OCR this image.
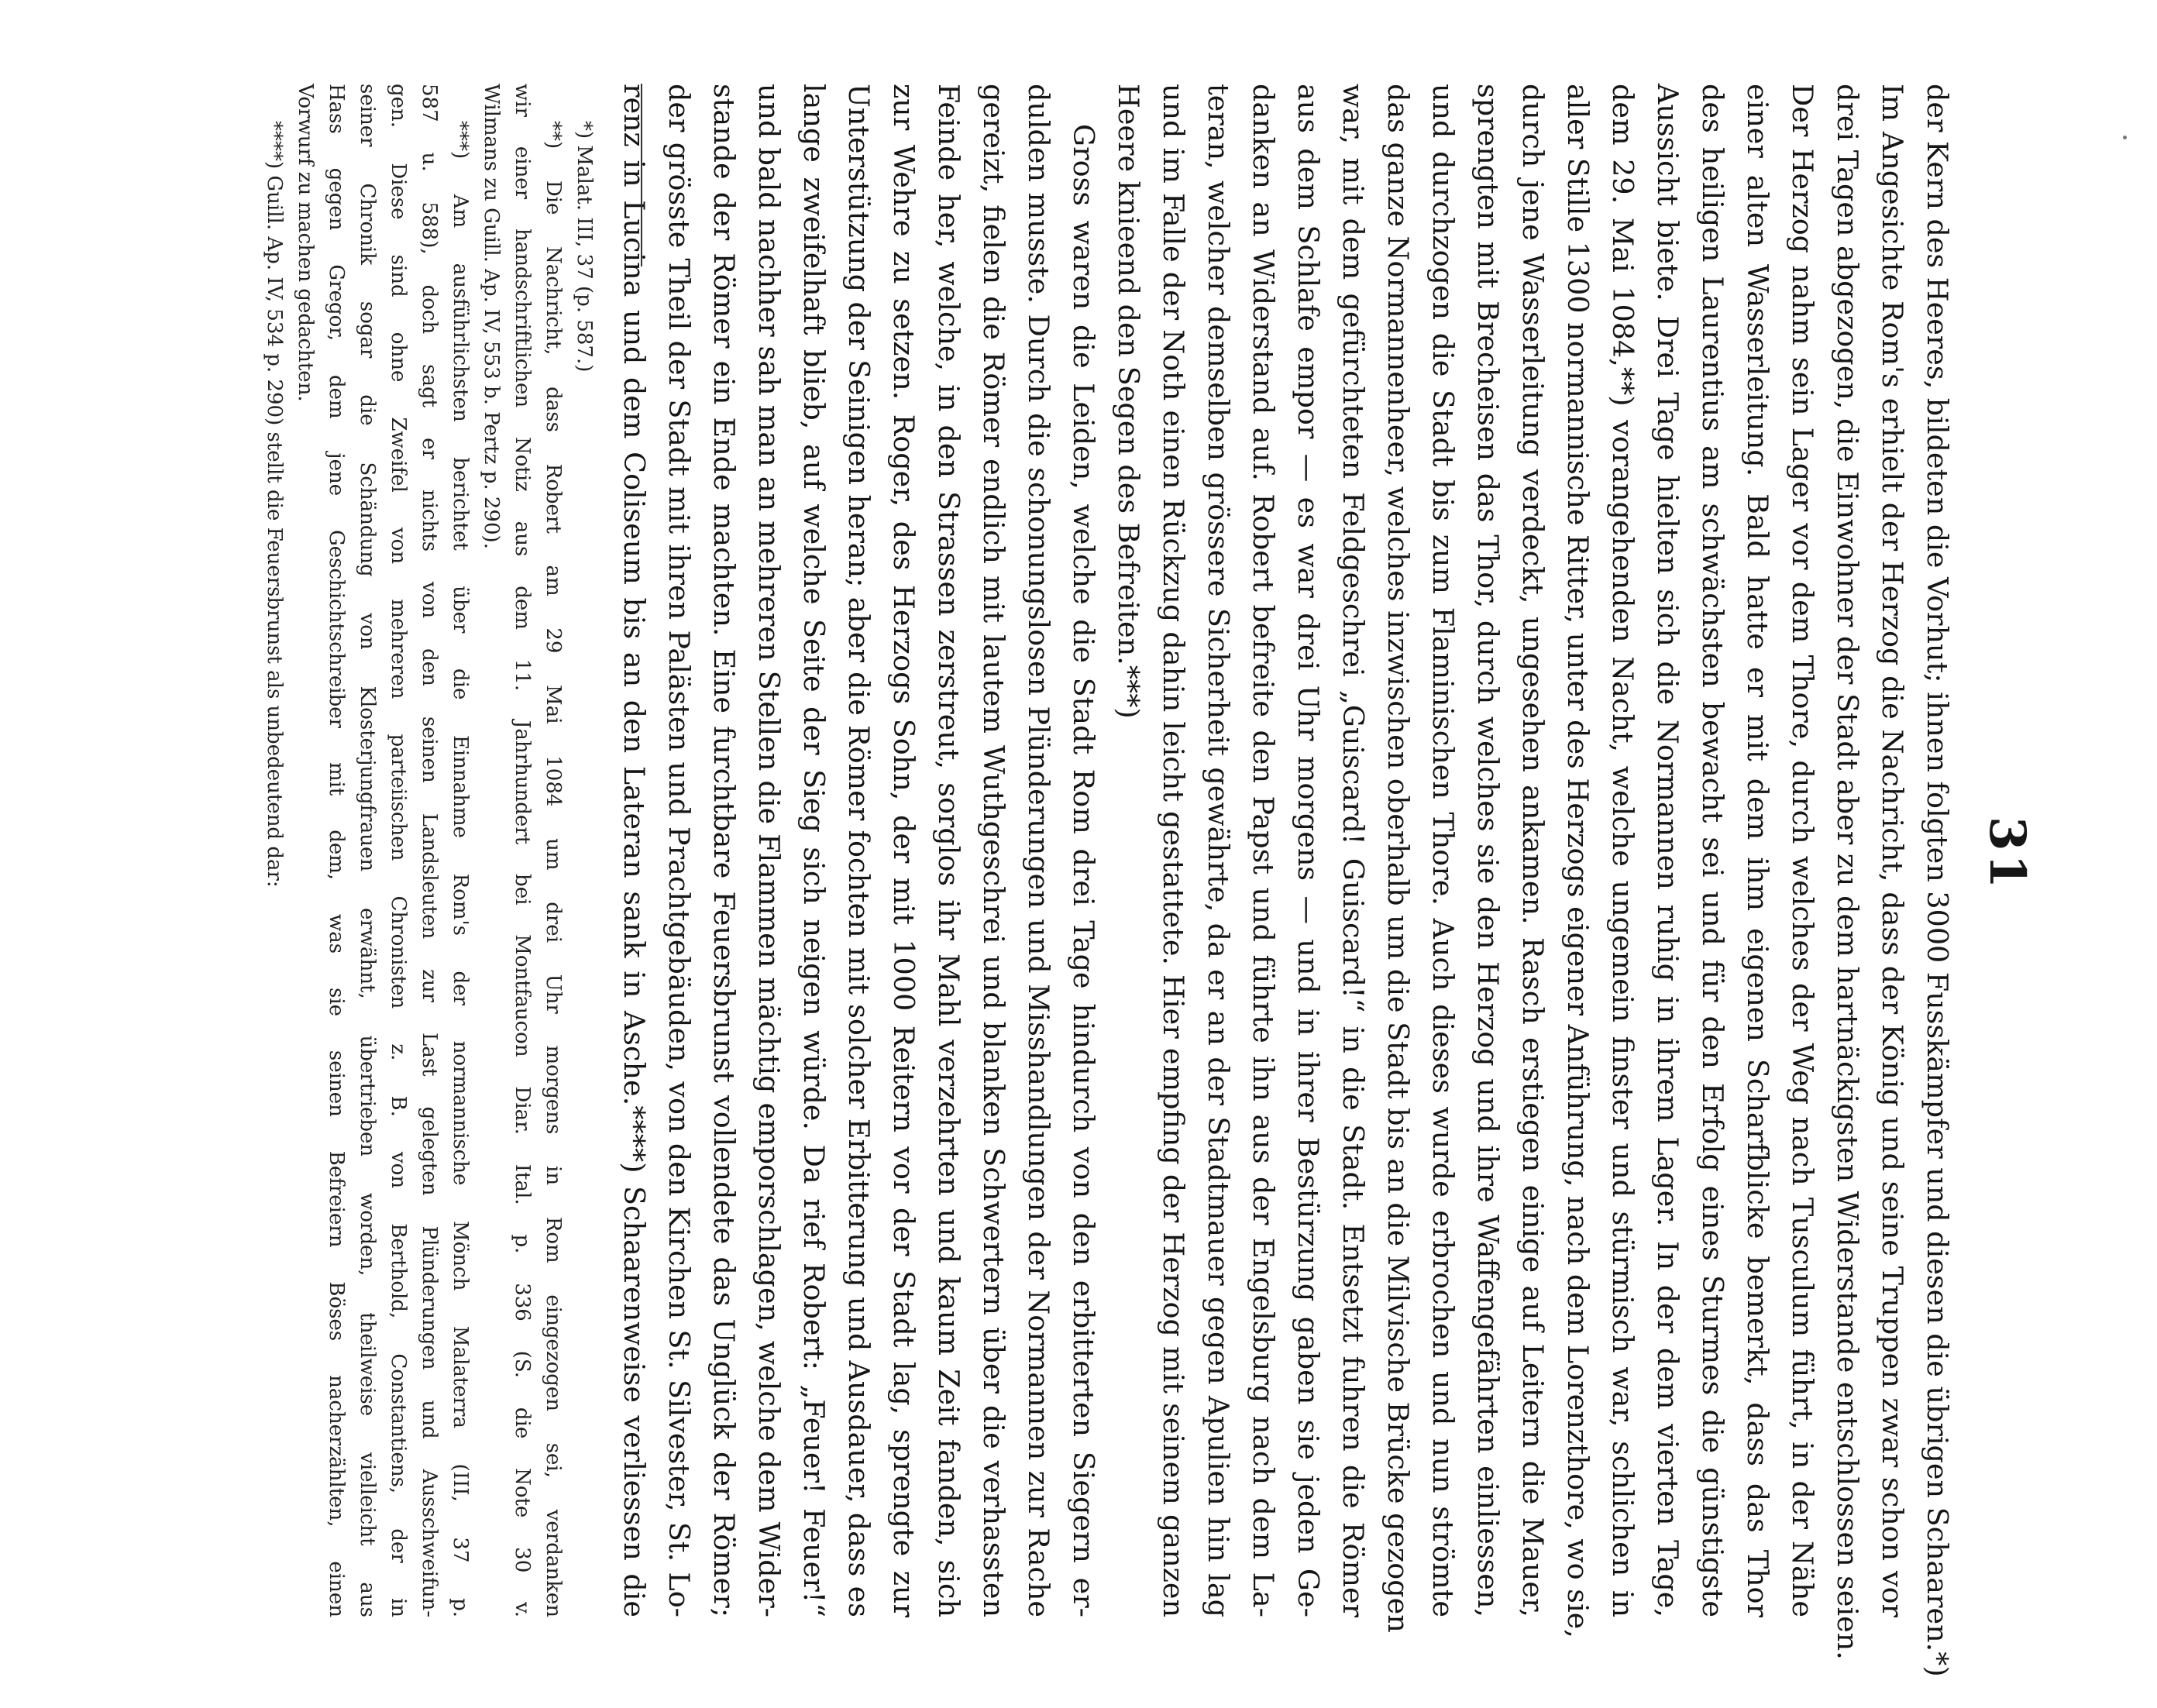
31
der Kern des Heeres, bildeten die Vorhut; ihnen folgten 3000 Fusskämpfer und diesen die übrigen Schaaren.*)
Im Angesichte Rom's erhielt der Herzog die Nachricht, dass der König und seine Truppen zwar schon vor
drei Tagen abgezogen, die Einwohner der Stadt aber zu dem hartnäckigsten Widerstande entschlossen seien.
Der Herzog nahm sein Lager vor dem Thore, durch welches der Weg nach Tusculum führt, in der Nähe
einer alten Wasserleitung. Bald hatte er mit dem ihm eigenen Scharfblicke bemerkt, dass das Thor
des heiligen Laurentius am schwächsten bewacht sei und für den Erfolg eines Sturmes die günstigste
Aussicht biete. Drei Tage hielten sich die Normannen ruhig in ihrem Lager. In der dem vierten Tage,
dem 29. Mai 1084,**) vorangehenden Nacht, welche ungemein finster und stürmisch war, schlichen in
aller Stille 1300 normannische Ritter, unter des Herzogs eigener Anführung, nach dem Lorenzthore, wo sie,
durch jene Wasserleitung verdeckt, ungesehen ankamen. Rasch erstiegen einige auf Leitern die Mauer,
sprengten mit Brecheisen das Thor, durch welches sie den Herzog und ihre Waffengefährten einliessen,
und durchzogen die Stadt bis zum Flaminischen Thore. Auch dieses wurde erbrochen und nun strömte
das ganze Normannenheer, welches inzwischen oberhalb um die Stadt bis an die Milvische Brücke gezogen
war, mit dem gefürchteten Feldgeschrei „Guiscard! Guiscard!“ in die Stadt. Entsetzt fuhren die Römer
aus dem Schlafe empor — es war drei Uhr morgens — und in ihrer Bestürzung gaben sie jeden Ge-
danken an Widerstand auf. Robert befreite den Papst und führte ihn aus der Engelsburg nach dem La-
teran, welcher demselben grössere Sicherheit gewährte, da er an der Stadtmauer gegen Apulien hin lag
und im Falle der Noth einen Rückzug dahin leicht gestattete. Hier empfing der Herzog mit seinem ganzen
Heere knieend den Segen des Befreiten.***)
Gross waren die Leiden, welche die Stadt Rom drei Tage hindurch von den erbitterten Siegern er-
dulden musste. Durch die schonungslosen Plünderungen und Misshandlungen der Normannen zur Rache
gereizt, fielen die Römer endlich mit lautem Wuthgeschrei und blanken Schwertern über die verhassten
Feinde her, welche, in den Strassen zerstreut, sorglos ihr Mahl verzehrten und kaum Zeit fanden, sich
zur Wehre zu setzen. Roger, des Herzogs Sohn, der mit 1000 Reitern vor der Stadt lag, sprengte zur
Unterstützung der Seinigen heran; aber die Römer fochten mit solcher Erbitterung und Ausdauer, dass es
lange zweifelhaft blieb, auf welche Seite der Sieg sich neigen würde. Da rief Robert: „Feuer! Feuer!“
und bald nachher sah man an mehreren Stellen die Flammen mächtig emporschlagen, welche dem Wider-
stande der Römer ein Ende machten. Eine furchtbare Feuersbrunst vollendete das Unglück der Römer;
der grösste Theil der Stadt mit ihren Palästen und Prachtgebäuden, von den Kirchen St. Silvester, St. Lo-
renz in Lucina und dem Coliseum bis an den Lateran sank in Asche.****) Schaarenweise verliessen die
*) Malat. III, 37 (p. 587.)
**) Die Nachricht, dass Robert am 29 Mai 1084 um drei Uhr morgens in Rom eingezogen sei, verdanken
wir einer handschriftlichen Notiz aus dem 11. Jahrhundert bei Montfaucon Diar. Ital. p. 336 (S. die Note 30 v.
Wilmans zu Guill. Ap. IV, 553 b. Pertz p. 290).
***) Am ausführlichsten berichtet über die Einnahme Rom's der normannische Mönch Malaterra (III, 37 p.
587 u. 588), doch sagt er nichts von den seinen Landsleuten zur Last gelegten Plünderungen und Ausschweifun-
gen. Diese sind ohne Zweifel von mehreren parteiischen Chronisten z. B. von Berthold, Constantiens, der in
seiner Chronik sogar die Schändung von Klosterjungfrauen erwähnt, übertrieben worden, theilweise vielleicht aus
Hass gegen Gregor, dem jene Geschichtschreiber mit dem, was sie seinen Befreiern Böses nacherzählten, einen
Vorwurf zu machen gedachten.
****) Guill. Ap. IV, 534 p. 290) stellt die Feuersbrunst als unbedeutend dar:
